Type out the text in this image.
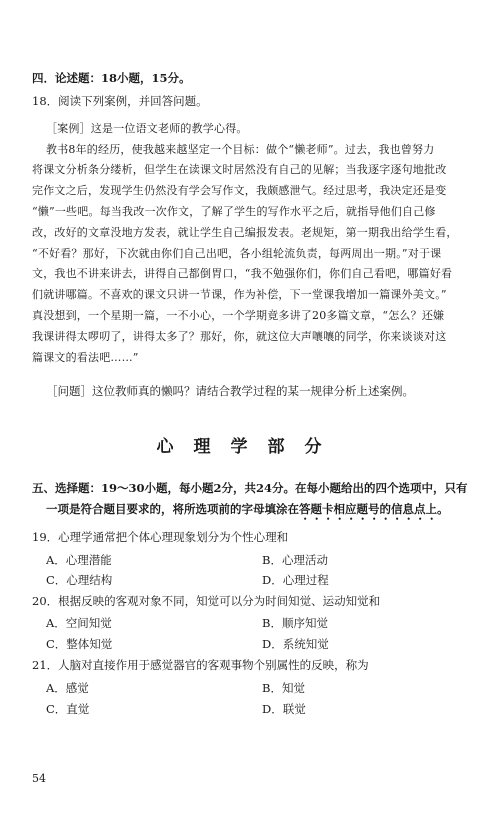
四．论述题：18小题，15分。
18．阅读下列案例，并回答问题。
［案例］这是一位语文老师的教学心得。
教书8年的经历，使我越来越坚定一个目标：做个“懒老师”。过去，我也曾努力
将课文分析条分缕析，但学生在读课文时居然没有自己的见解；当我逐字逐句地批改
完作文之后，发现学生仍然没有学会写作文，我颇感泄气。经过思考，我决定还是变
“懒”一些吧。每当我改一次作文，了解了学生的写作水平之后，就指导他们自己修
改，改好的文章没地方发表，就让学生自己编报发表。老规矩，第一期我出给学生看，
“不好看？那好，下次就由你们自己出吧，各小组轮流负责，每两周出一期。”对于课
文，我也不讲来讲去，讲得自己都倒胃口，“我不勉强你们，你们自己看吧，哪篇好看
们就讲哪篇。不喜欢的课文只讲一节课，作为补偿，下一堂课我增加一篇课外美文。”
真没想到，一个星期一篇，一不小心，一个学期竟多讲了20多篇文章，“怎么？还嫌
我课讲得太啰叨了，讲得太多了？那好，你，就这位大声嚷嚷的同学，你来谈谈对这
篇课文的看法吧……”
［问题］这位教师真的懒吗？请结合教学过程的某一规律分析上述案例。
心理学部分
五、选择题：19～30小题，每小题2分，共24分。在每小题给出的四个选项中，只有
一项是符合题目要求的，将所选项前的字母填涂在答题卡相应题号的信息点上。
19．心理学通常把个体心理现象划分为个性心理和
A．心理潜能	B．心理活动
C．心理结构	D．心理过程
20．根据反映的客观对象不同，知觉可以分为时间知觉、运动知觉和
A．空间知觉	B．顺序知觉
C．整体知觉	D．系统知觉
21．人脑对直接作用于感觉器官的客观事物个别属性的反映，称为
A．感觉	B．知觉
C．直觉	D．联觉
54
